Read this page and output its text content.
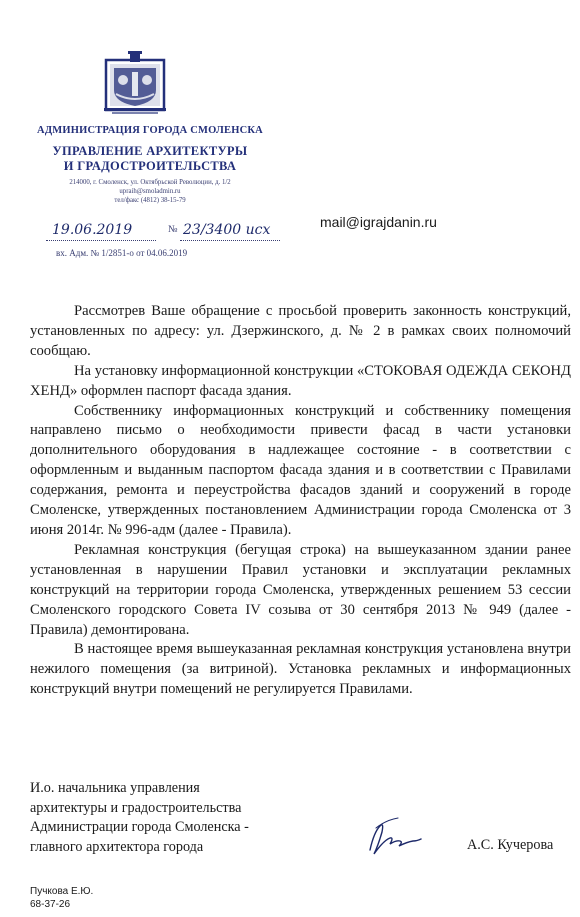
АДМИНИСТРАЦИЯ ГОРОДА СМОЛЕНСКА
УПРАВЛЕНИЕ АРХИТЕКТУРЫ
И ГРАДОСТРОИТЕЛЬСТВА
214000, г. Смоленск, ул. Октябрьской Революции, д. 1/2
upraih@smoladmin.ru
тел/факс (4812) 38-15-79
19.06.2019	№ 23/3400 исх
вх. Адм. № 1/2851-о от 04.06.2019
mail@igrajdanin.ru

Рассмотрев Ваше обращение с просьбой проверить законность конструкций, установленных по адресу: ул. Дзержинского, д. № 2 в рамках своих полномочий сообщаю.

На установку информационной конструкции «СТОКОВАЯ ОДЕЖДА СЕКОНД ХЕНД» оформлен паспорт фасада здания.

Собственнику информационных конструкций и собственнику помещения направлено письмо о необходимости привести фасад в части установки дополнительного оборудования в надлежащее состояние - в соответствии с оформленным и выданным паспортом фасада здания и в соответствии с Правилами содержания, ремонта и переустройства фасадов зданий и сооружений в городе Смоленске, утвержденных постановлением Администрации города Смоленска от 3 июня 2014г. № 996-адм (далее - Правила).

Рекламная конструкция (бегущая строка) на вышеуказанном здании ранее установленная в нарушении Правил установки и эксплуатации рекламных конструкций на территории города Смоленска, утвержденных решением 53 сессии Смоленского городского Совета IV созыва от 30 сентября 2013 № 949 (далее - Правила) демонтирована.

В настоящее время вышеуказанная рекламная конструкция установлена внутри нежилого помещения (за витриной). Установка рекламных и информационных конструкций внутри помещений не регулируется Правилами.

И.о. начальника управления
архитектуры и градостроительства
Администрации города Смоленска -
главного архитектора города	А.С. Кучерова
Пучкова Е.Ю.
68-37-26
